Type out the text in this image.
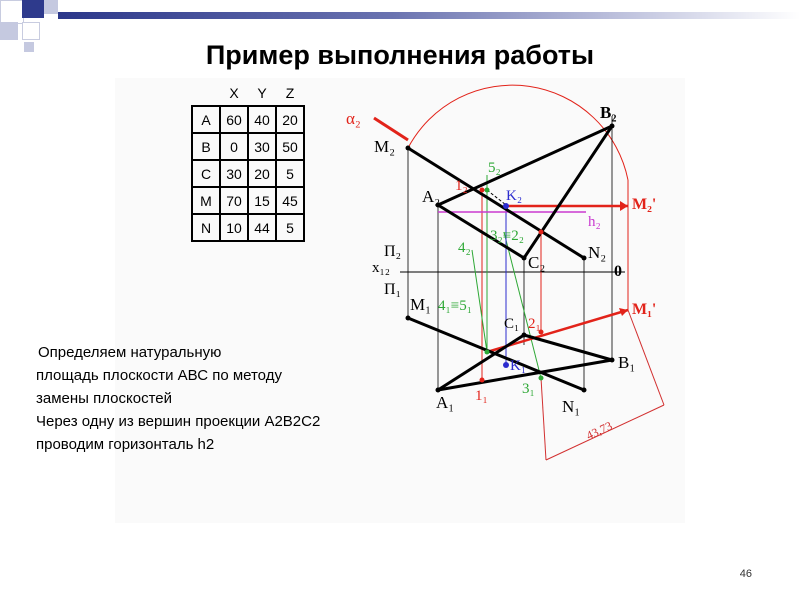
Пример выполнения работы
	X	Y	Z
A	60	40	20
B	0	30	50
C	30	20	5
M	70	15	45
N	10	44	5
α₂
M₂
B₂
5₂
A₂
1₂
K₂	M₂'
h₂
4₂
3₂≡2₂
C₂
N₂
Π₂
x₁₂	0
Π₁
M₁ 4₁≡5₁	M₁'
C₁ 2₁
K₁	B₁
A₁ 1₁ 3₁
N₁
43,73
Определяем натуральную
площадь плоскости АВС по методу
замены плоскостей
Через одну из вершин проекции А2В2С2
проводим горизонталь h2
46
